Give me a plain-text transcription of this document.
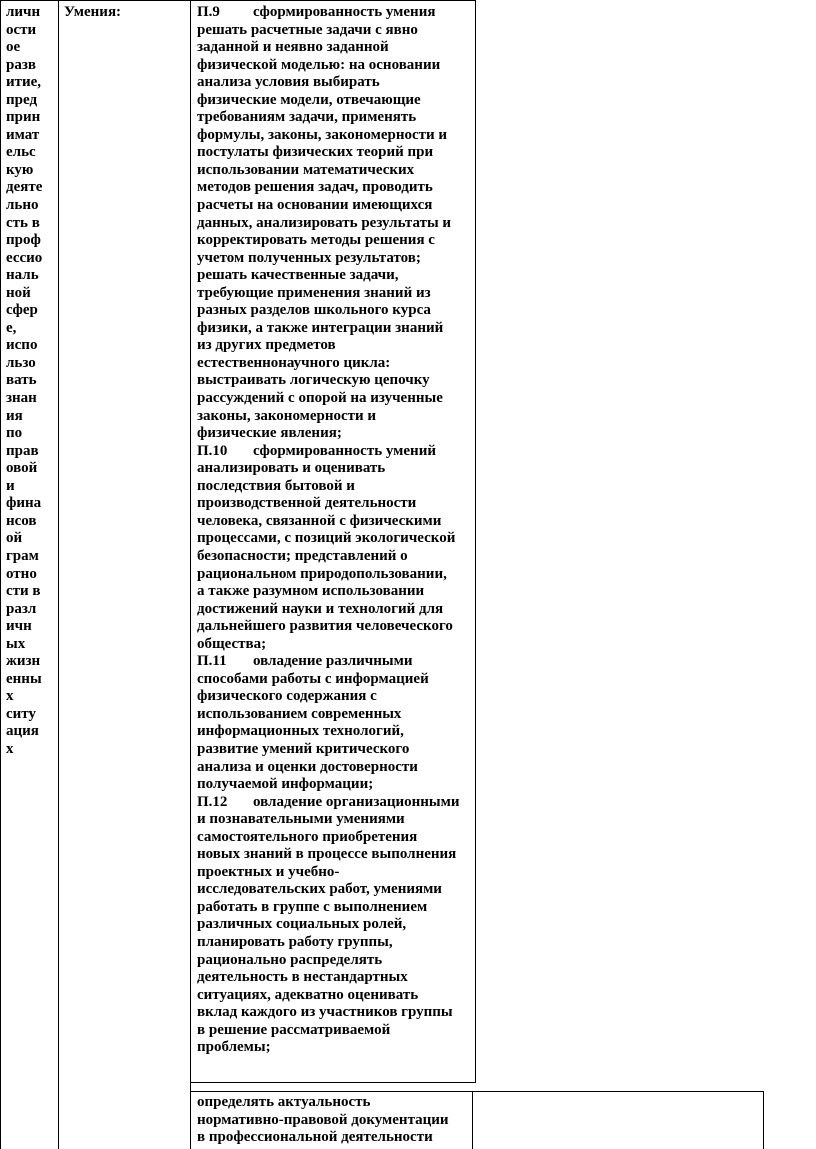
личн
ости
ое
разв
итие,
пред
прин
имат
ельс
кую
деяте
льно
сть в
проф
ессио
наль
ной
сфер
е,
испо
льзо
вать
знан
ия
по
прав
овой
и
фина
нсов
ой
грам
отно
сти в
разл
ичн
ых
жизн
енны
х
ситу
ация
х
Умения:	П.9 сформированность умения
решать расчетные задачи с явно
заданной и неявно заданной
физической моделью: на основании
анализа условия выбирать
физические модели, отвечающие
требованиям задачи, применять
формулы, законы, закономерности и
постулаты физических теорий при
использовании математических
методов решения задач, проводить
расчеты на основании имеющихся
данных, анализировать результаты и
корректировать методы решения с
учетом полученных результатов;
решать качественные задачи,
требующие применения знаний из
разных разделов школьного курса
физики, а также интеграции знаний
из других предметов
естественнонаучного цикла:
выстраивать логическую цепочку
рассуждений с опорой на изученные
законы, закономерности и
физические явления;
П.10 сформированность умений
анализировать и оценивать
последствия бытовой и
производственной деятельности
человека, связанной с физическими
процессами, с позиций экологической
безопасности; представлений о
рациональном природопользовании,
а также разумном использовании
достижений науки и технологий для
дальнейшего развития человеческого
общества;
П.11 овладение различными
способами работы с информацией
физического содержания с
использованием современных
информационных технологий,
развитие умений критического
анализа и оценки достоверности
получаемой информации;
П.12 овладение организационными
и познавательными умениями
самостоятельного приобретения
новых знаний в процессе выполнения
проектных и учебно-
исследовательских работ, умениями
работать в группе с выполнением
различных социальных ролей,
планировать работу группы,
рационально распределять
деятельность в нестандартных
ситуациях, адекватно оценивать
вклад каждого из участников группы
в решение рассматриваемой
проблемы;
определять актуальность
нормативно-правовой документации
в профессиональной деятельности
